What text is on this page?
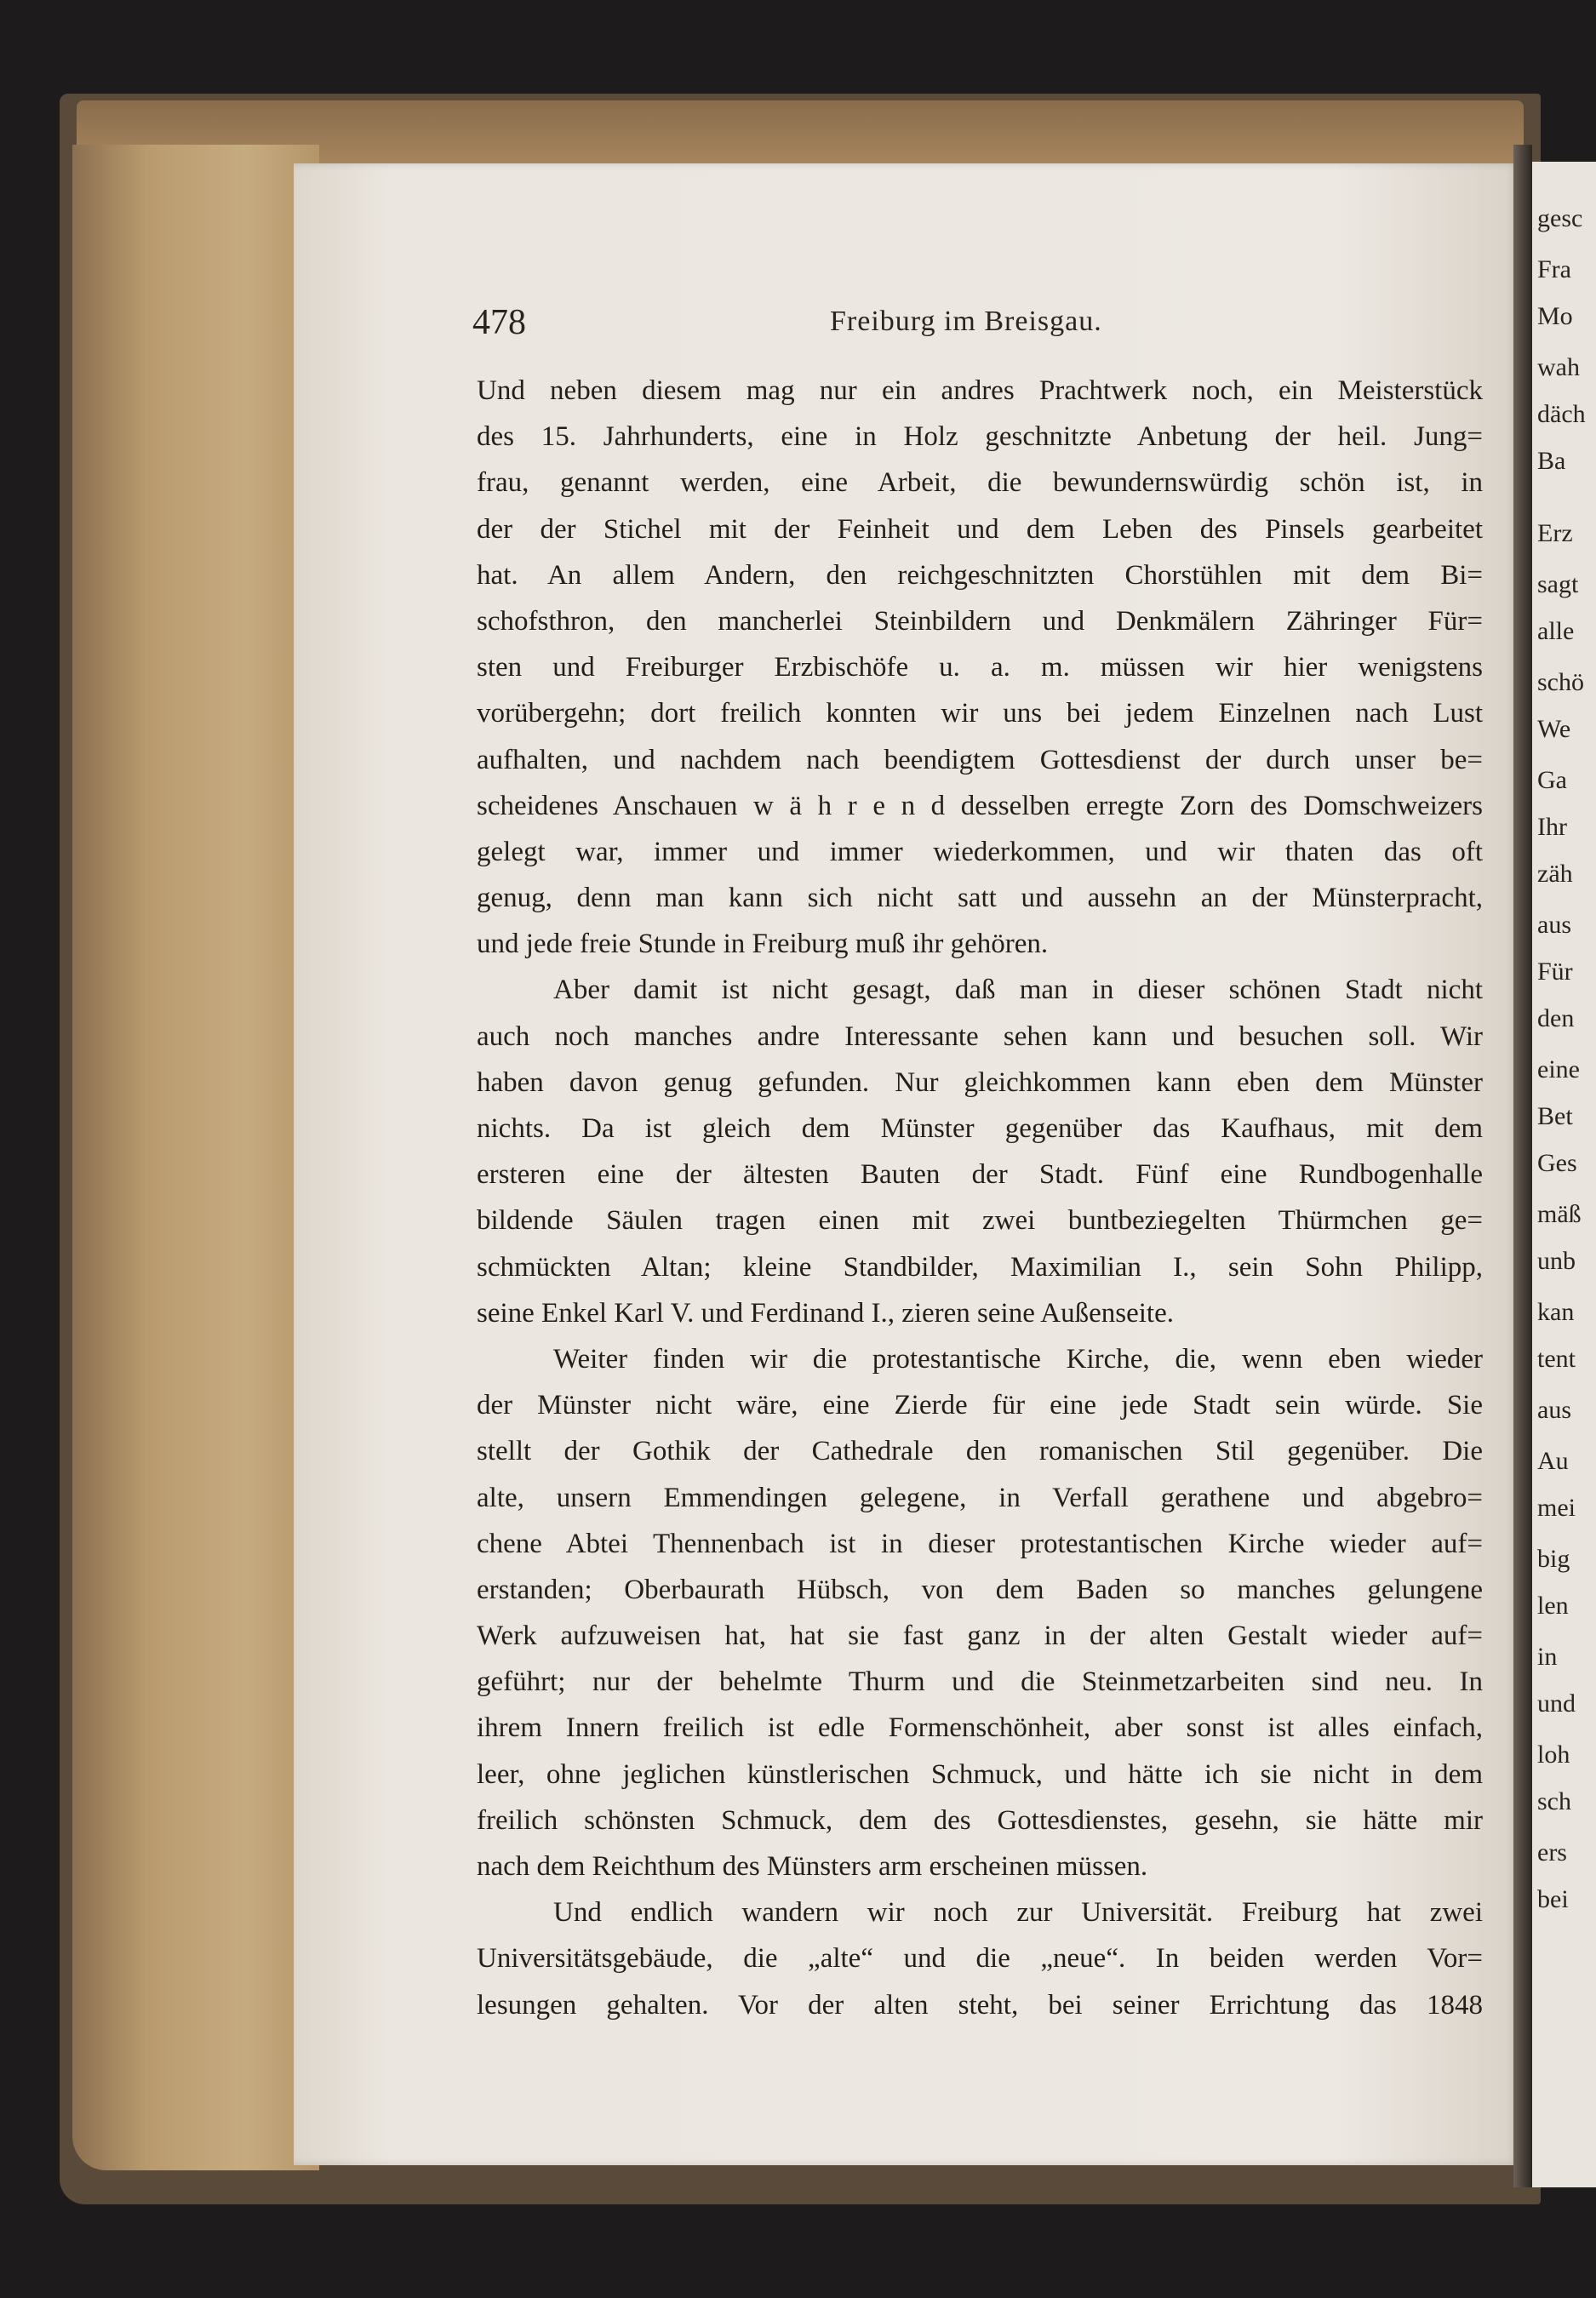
gesc
Fra
Mo
wah
däch
Ba
Erz
sagt
alle
schö
We
Ga
Ihr
zäh
aus
Für
den
eine
Bet
Ges
mäß
unb
kan
tent
aus
Au
mei
big
len
in
und
loh
sch
ers
bei
478	Freiburg im Breisgau.
Und neben diesem mag nur ein andres Prachtwerk noch, ein Meisterstück
des 15. Jahrhunderts, eine in Holz geschnitzte Anbetung der heil. Jung=
frau, genannt werden, eine Arbeit, die bewundernswürdig schön ist, in
der der Stichel mit der Feinheit und dem Leben des Pinsels gearbeitet
hat. An allem Andern, den reichgeschnitzten Chorstühlen mit dem Bi=
schofsthron, den mancherlei Steinbildern und Denkmälern Zähringer Für=
sten und Freiburger Erzbischöfe u. a. m. müssen wir hier wenigstens
vorübergehn; dort freilich konnten wir uns bei jedem Einzelnen nach Lust
aufhalten, und nachdem nach beendigtem Gottesdienst der durch unser be=
scheidenes Anschauen w ä h r e n d desselben erregte Zorn des Domschweizers
gelegt war, immer und immer wiederkommen, und wir thaten das oft
genug, denn man kann sich nicht satt und aussehn an der Münsterpracht,
und jede freie Stunde in Freiburg muß ihr gehören.
Aber damit ist nicht gesagt, daß man in dieser schönen Stadt nicht
auch noch manches andre Interessante sehen kann und besuchen soll. Wir
haben davon genug gefunden. Nur gleichkommen kann eben dem Münster
nichts. Da ist gleich dem Münster gegenüber das Kaufhaus, mit dem
ersteren eine der ältesten Bauten der Stadt. Fünf eine Rundbogenhalle
bildende Säulen tragen einen mit zwei buntbeziegelten Thürmchen ge=
schmückten Altan; kleine Standbilder, Maximilian I., sein Sohn Philipp,
seine Enkel Karl V. und Ferdinand I., zieren seine Außenseite.
Weiter finden wir die protestantische Kirche, die, wenn eben wieder
der Münster nicht wäre, eine Zierde für eine jede Stadt sein würde. Sie
stellt der Gothik der Cathedrale den romanischen Stil gegenüber. Die
alte, unsern Emmendingen gelegene, in Verfall gerathene und abgebro=
chene Abtei Thennenbach ist in dieser protestantischen Kirche wieder auf=
erstanden; Oberbaurath Hübsch, von dem Baden so manches gelungene
Werk aufzuweisen hat, hat sie fast ganz in der alten Gestalt wieder auf=
geführt; nur der behelmte Thurm und die Steinmetzarbeiten sind neu. In
ihrem Innern freilich ist edle Formenschönheit, aber sonst ist alles einfach,
leer, ohne jeglichen künstlerischen Schmuck, und hätte ich sie nicht in dem
freilich schönsten Schmuck, dem des Gottesdienstes, gesehn, sie hätte mir
nach dem Reichthum des Münsters arm erscheinen müssen.
Und endlich wandern wir noch zur Universität. Freiburg hat zwei
Universitätsgebäude, die „alte“ und die „neue“. In beiden werden Vor=
lesungen gehalten. Vor der alten steht, bei seiner Errichtung das 1848
